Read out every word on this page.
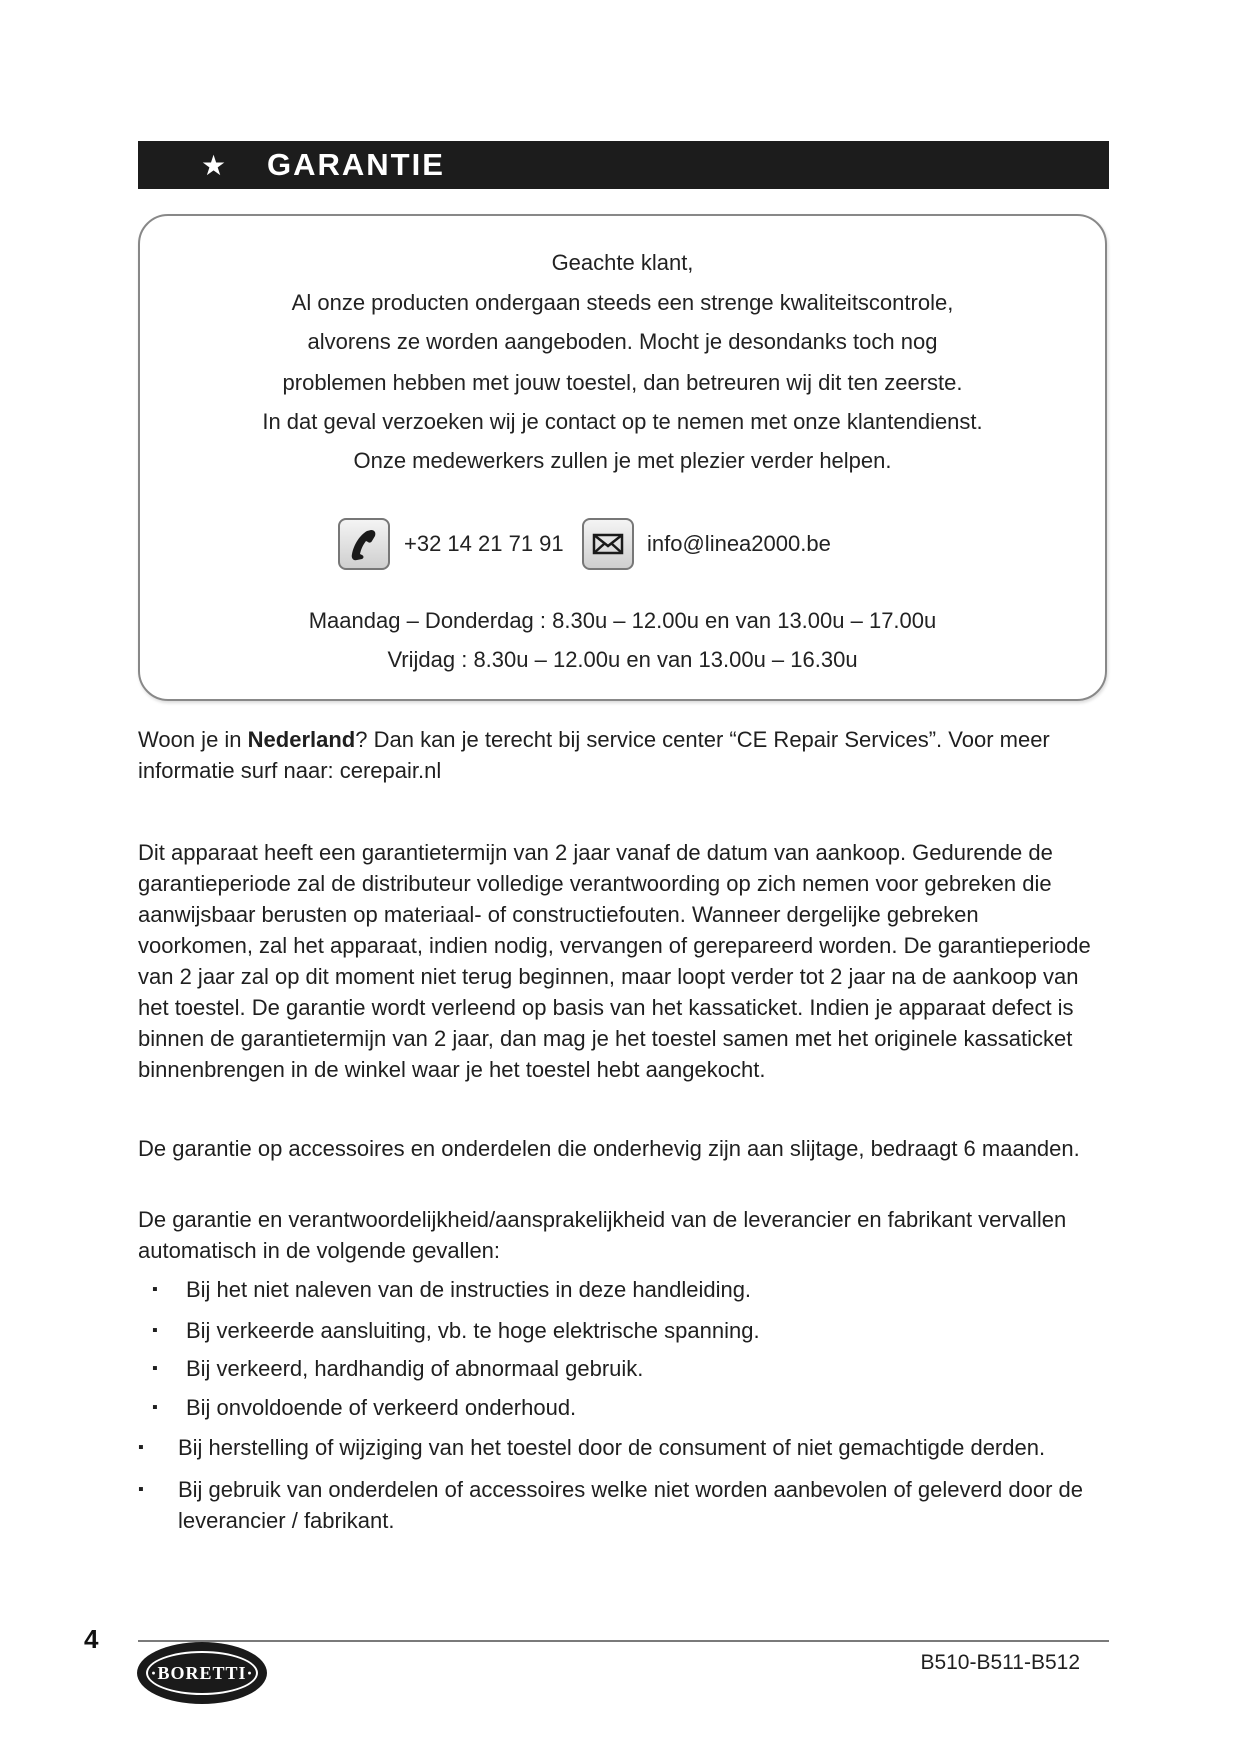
★ GARANTIE
Geachte klant,
Al onze producten ondergaan steeds een strenge kwaliteitscontrole,
alvorens ze worden aangeboden. Mocht je desondanks toch nog
problemen hebben met jouw toestel, dan betreuren wij dit ten zeerste.
In dat geval verzoeken wij je contact op te nemen met onze klantendienst.
Onze medewerkers zullen je met plezier verder helpen.
+32 14 21 71 91	info@linea2000.be
Maandag – Donderdag : 8.30u – 12.00u en van 13.00u – 17.00u
Vrijdag : 8.30u – 12.00u en van 13.00u – 16.30u
Woon je in Nederland? Dan kan je terecht bij service center “CE Repair Services”. Voor meer informatie surf naar: cerepair.nl
Dit apparaat heeft een garantietermijn van 2 jaar vanaf de datum van aankoop. Gedurende de garantieperiode zal de distributeur volledige verantwoording op zich nemen voor gebreken die aanwijsbaar berusten op materiaal- of constructiefouten. Wanneer dergelijke gebreken voorkomen, zal het apparaat, indien nodig, vervangen of gerepareerd worden. De garantieperiode van 2 jaar zal op dit moment niet terug beginnen, maar loopt verder tot 2 jaar na de aankoop van het toestel. De garantie wordt verleend op basis van het kassaticket. Indien je apparaat defect is binnen de garantietermijn van 2 jaar, dan mag je het toestel samen met het originele kassaticket binnenbrengen in de winkel waar je het toestel hebt aangekocht.
De garantie op accessoires en onderdelen die onderhevig zijn aan slijtage, bedraagt 6 maanden.
De garantie en verantwoordelijkheid/aansprakelijkheid van de leverancier en fabrikant vervallen automatisch in de volgende gevallen:
▪ Bij het niet naleven van de instructies in deze handleiding.
▪ Bij verkeerde aansluiting, vb. te hoge elektrische spanning.
▪ Bij verkeerd, hardhandig of abnormaal gebruik.
▪ Bij onvoldoende of verkeerd onderhoud.
▪ Bij herstelling of wijziging van het toestel door de consument of niet gemachtigde derden.
▪ Bij gebruik van onderdelen of accessoires welke niet worden aanbevolen of geleverd door de leverancier / fabrikant.
4
·BORETTI·	B510-B511-B512
